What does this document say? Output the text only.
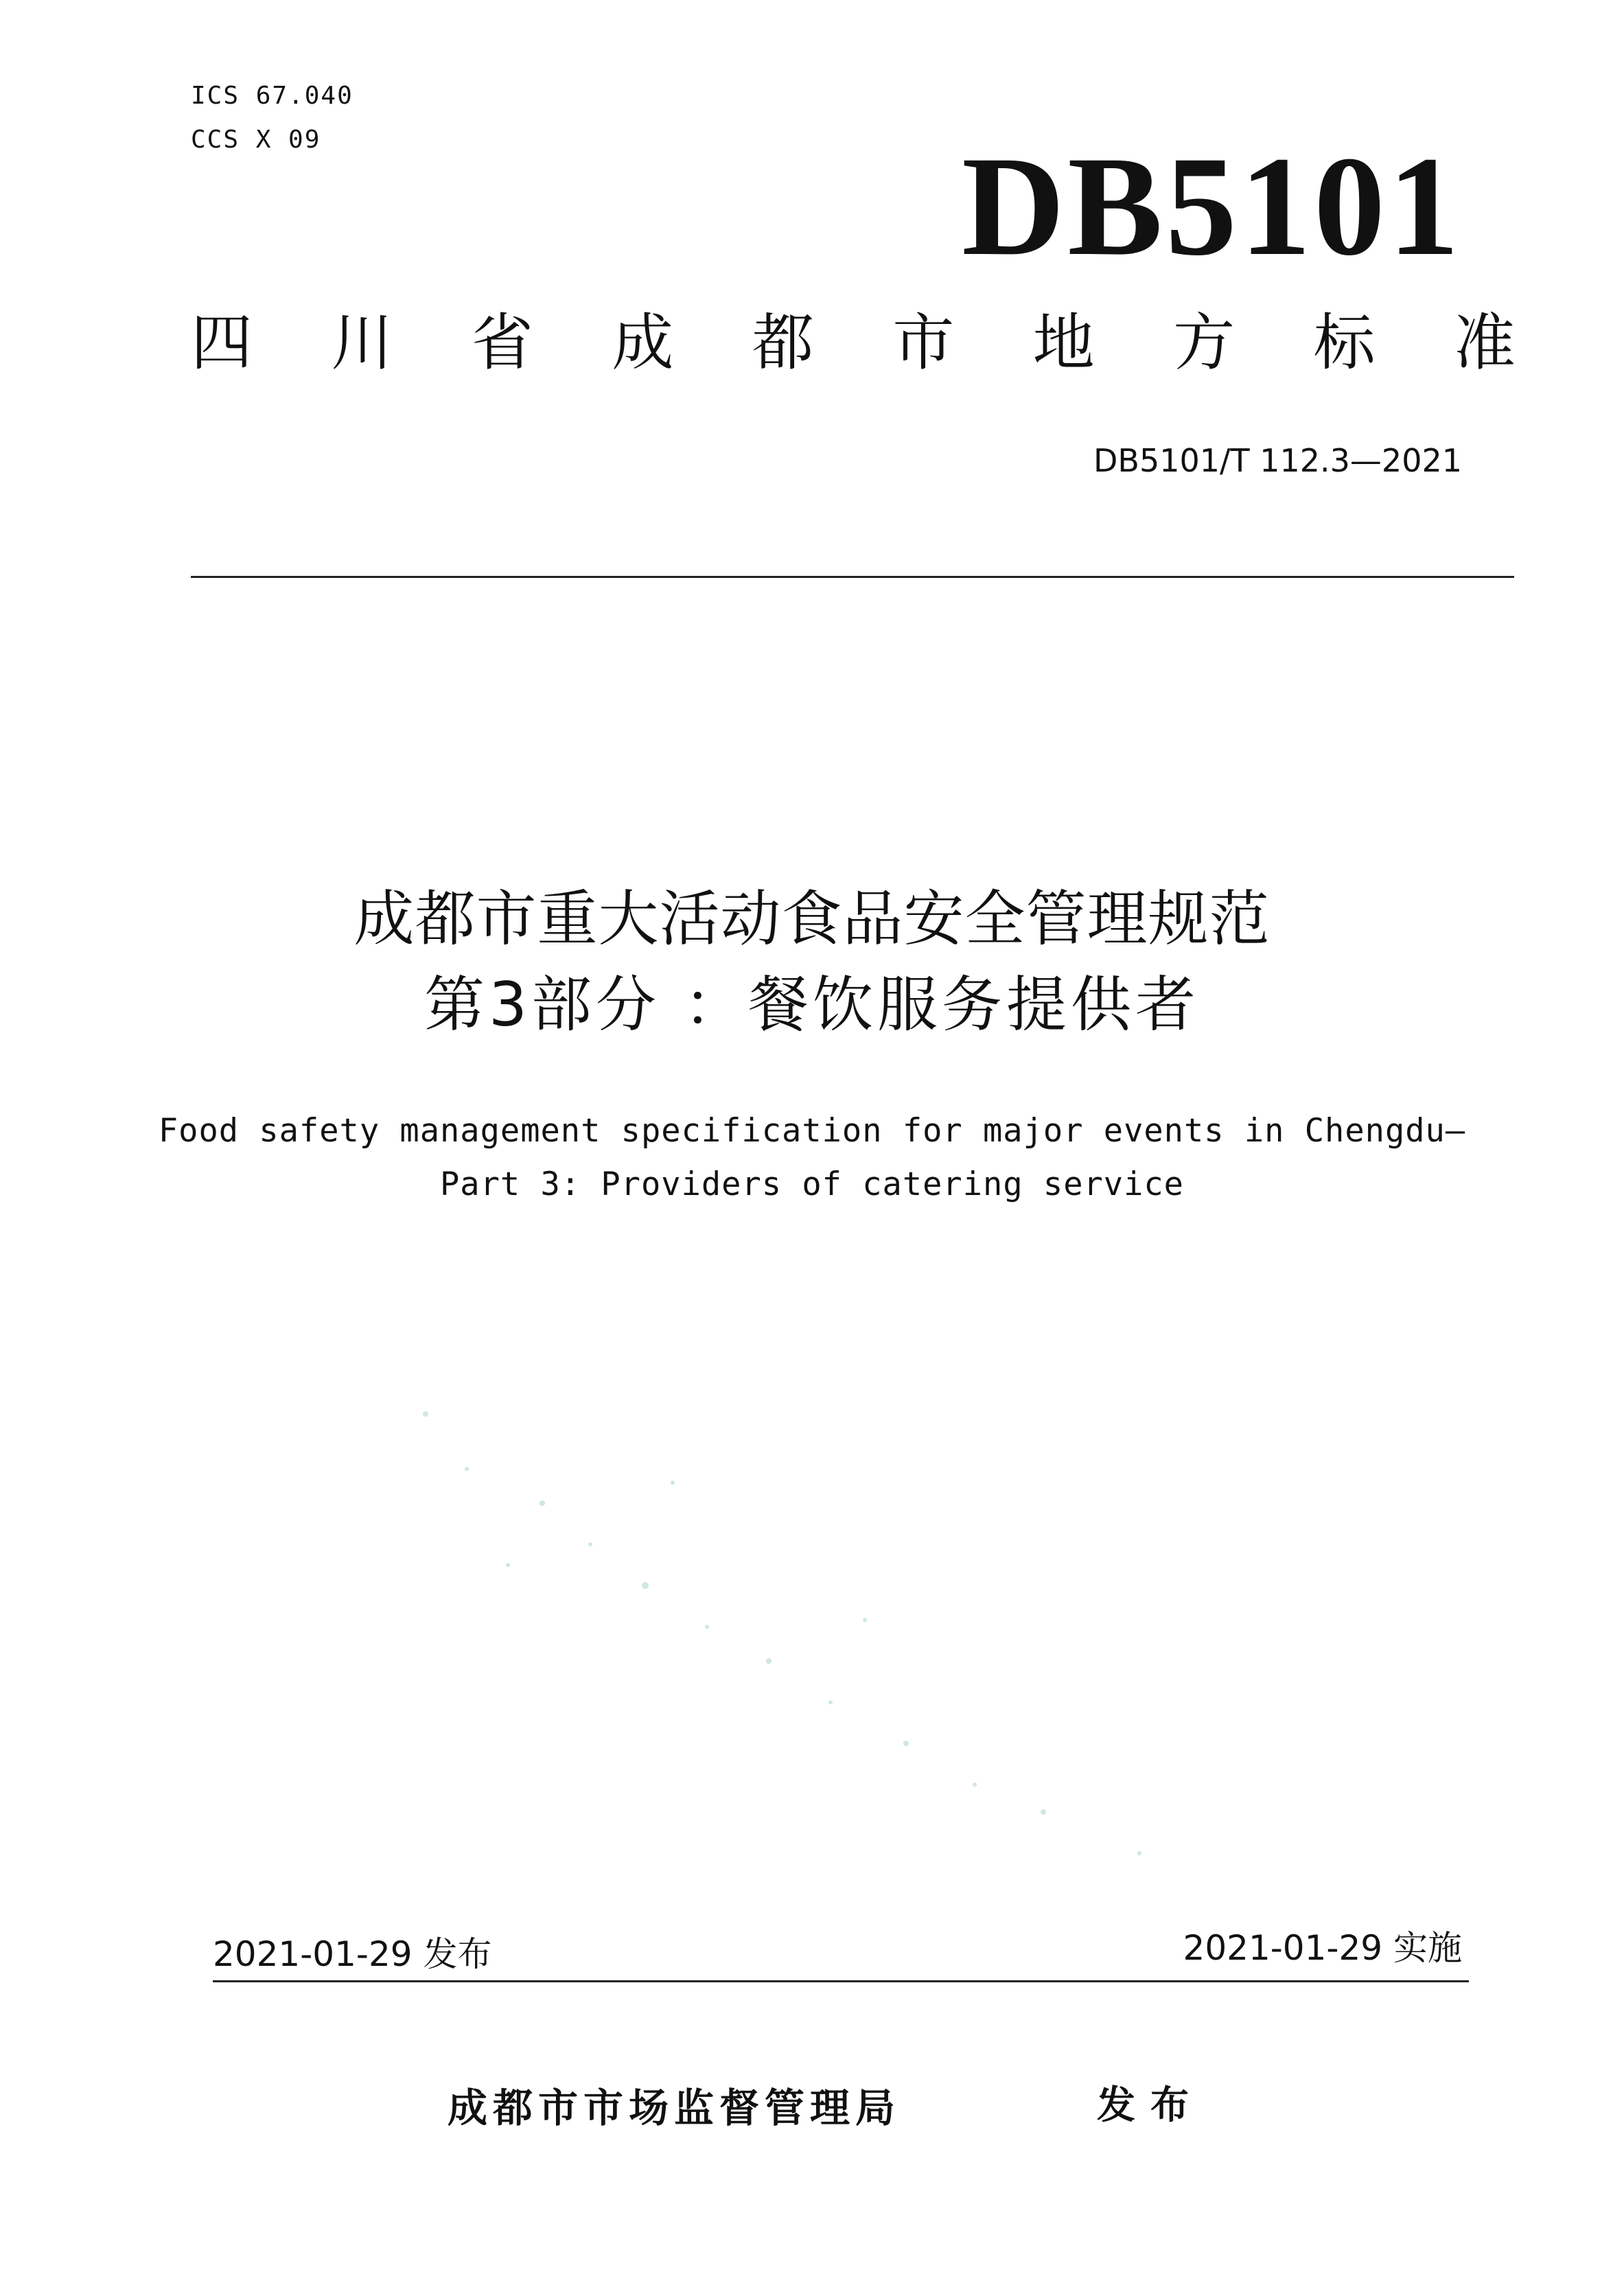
ICS 67.040
CCS X 09	DB5101
四 川 省 成 都 市 地 方 标 准
DB5101/T 112.3—2021
成都市重大活动食品安全管理规范
第3部分 ：餐饮服务提供者
Food safety management specification for major events in Chengdu—
Part 3: Providers of catering service
2021-01-29 发布	2021-01-29 实施
成都市市场监督管理局	发布
